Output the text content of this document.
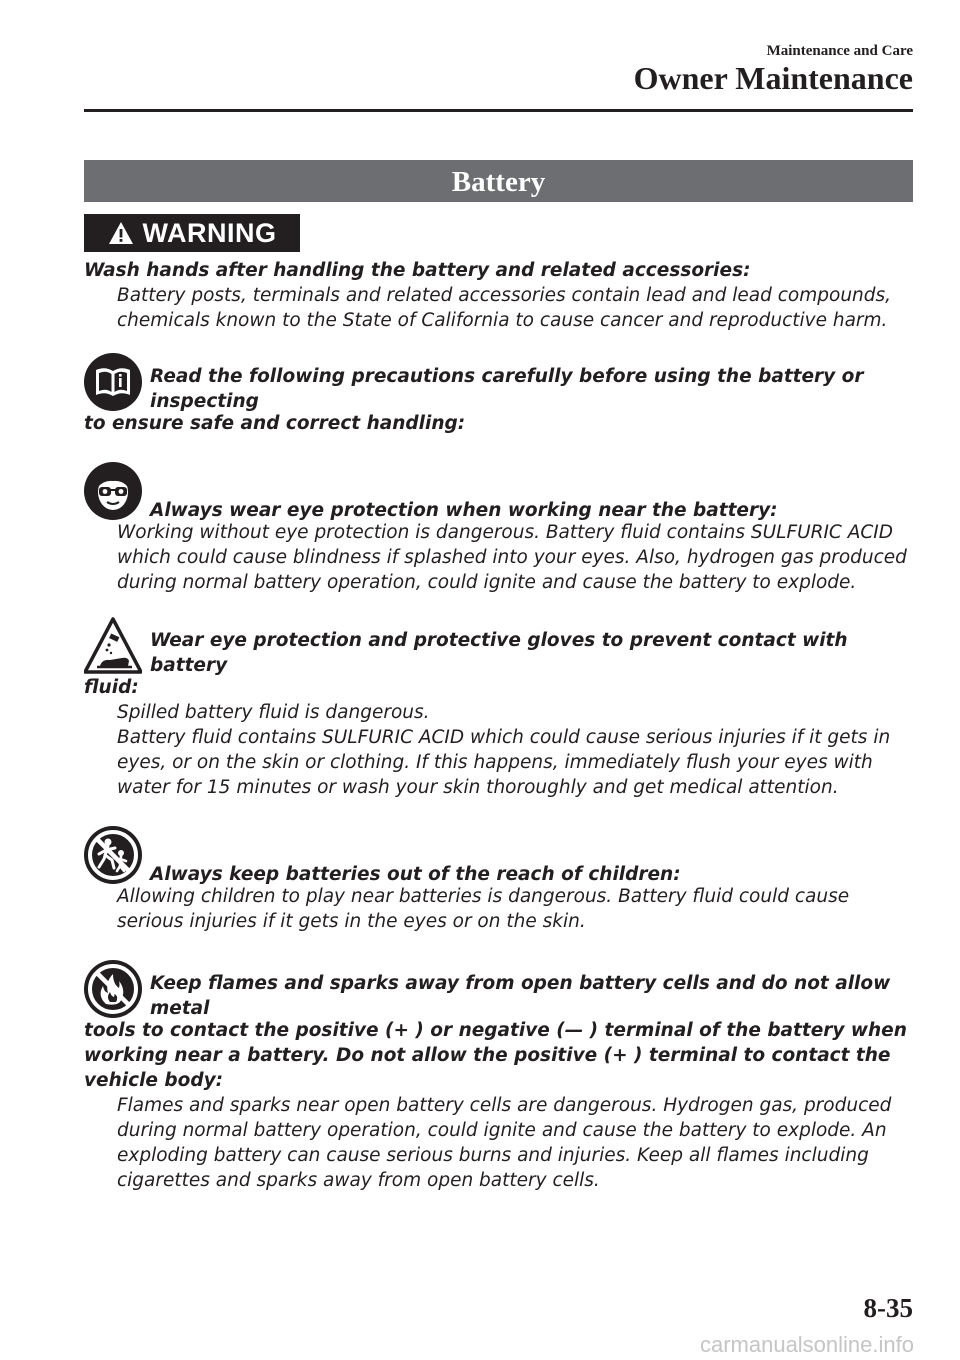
Maintenance and Care
Owner Maintenance
Battery
WARNING
Wash hands after handling the battery and related accessories:

Battery posts, terminals and related accessories contain lead and lead compounds, chemicals known to the State of California to cause cancer and reproductive harm.

Read the following precautions carefully before using the battery or inspecting
to ensure safe and correct handling:
Always wear eye protection when working near the battery:

Working without eye protection is dangerous. Battery fluid contains SULFURIC ACID which could cause blindness if splashed into your eyes. Also, hydrogen gas produced during normal battery operation, could ignite and cause the battery to explode.

Wear eye protection and protective gloves to prevent contact with battery
fluid:

Spilled battery fluid is dangerous.

Battery fluid contains SULFURIC ACID which could cause serious injuries if it gets in eyes, or on the skin or clothing. If this happens, immediately flush your eyes with water for 15 minutes or wash your skin thoroughly and get medical attention.

Always keep batteries out of the reach of children:

Allowing children to play near batteries is dangerous. Battery fluid could cause serious injuries if it gets in the eyes or on the skin.

Keep flames and sparks away from open battery cells and do not allow metal
tools to contact the positive (+ ) or negative (— ) terminal of the battery when working near a battery. Do not allow the positive (+ ) terminal to contact the vehicle body:

Flames and sparks near open battery cells are dangerous. Hydrogen gas, produced during normal battery operation, could ignite and cause the battery to explode. An exploding battery can cause serious burns and injuries. Keep all flames including cigarettes and sparks away from open battery cells.

8-35
carmanualsonline.info
